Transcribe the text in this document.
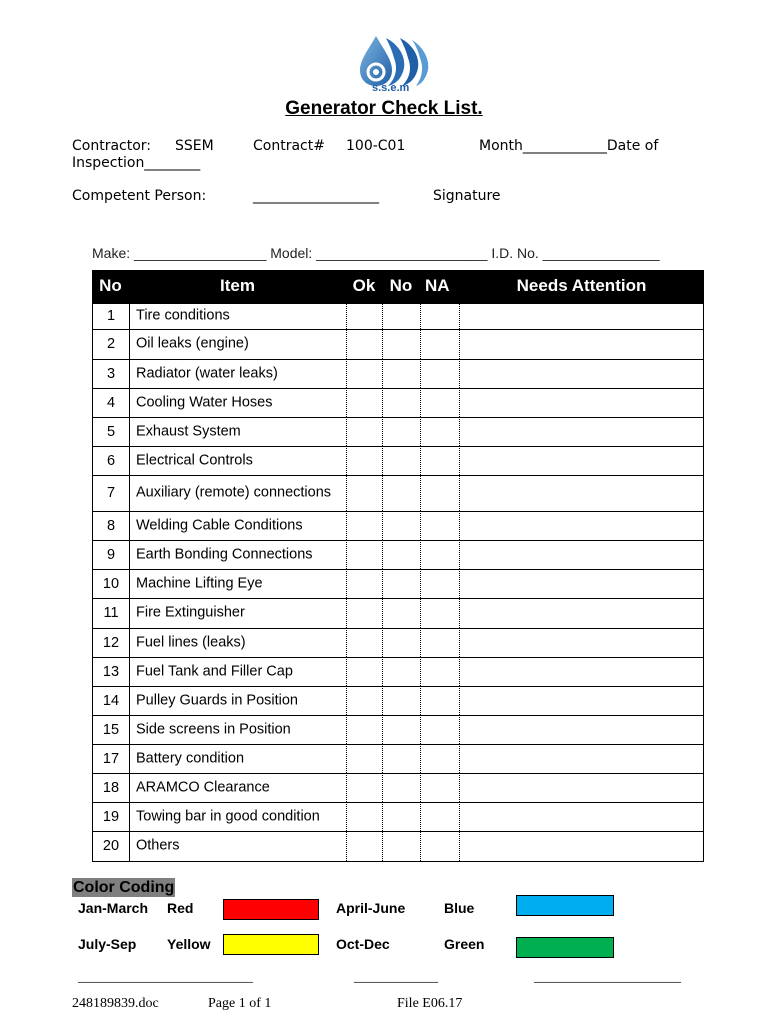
s.s.e.m
Generator Check List.
Contractor: SSEM	Contract# 100-C01	Month____________Date of
Inspection________
Competent Person:	__________________	Signature
Make: _________________ Model: ______________________ I.D. No. _______________
No	Item	Ok No NA	Needs Attention
1	Tire conditions
2	Oil leaks (engine)
3	Radiator (water leaks)
4	Cooling Water Hoses
5	Exhaust System
6	Electrical Controls
7	Auxiliary (remote) connections
8	Welding Cable Conditions
9	Earth Bonding Connections
10	Machine Lifting Eye
11	Fire Extinguisher
12	Fuel lines (leaks)
13	Fuel Tank and Filler Cap
14	Pulley Guards in Position
15	Side screens in Position
17	Battery condition
18	ARAMCO Clearance
19	Towing bar in good condition
20	Others
Color Coding
Jan-March Red	April-June	Blue
July-Sep Yellow	Oct-Dec	Green
_________________________	____________	_____________________
248189839.doc	Page 1 of 1	File E06.17
